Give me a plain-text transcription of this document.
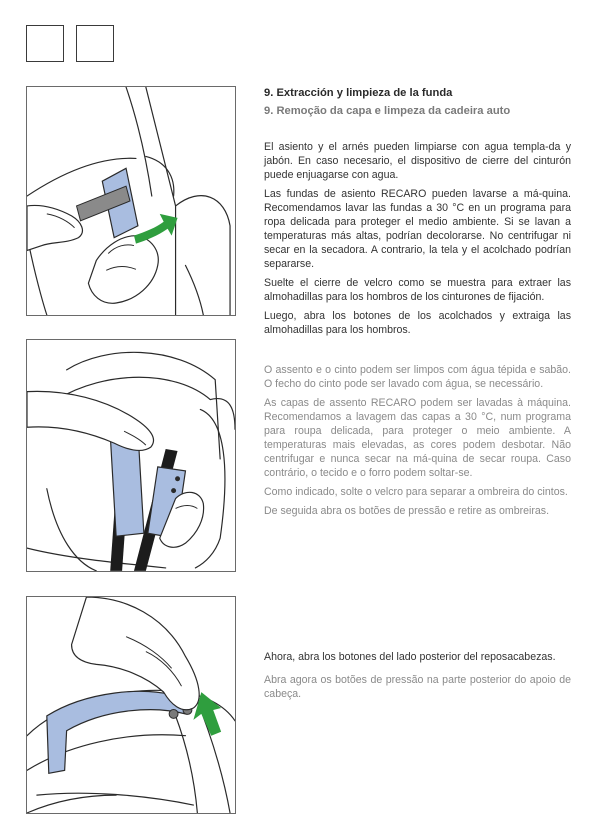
9. Extracción y limpieza de la funda
9. Remoção da capa e limpeza da cadeira auto

El asiento y el arnés pueden limpiarse con agua templa-da y jabón. En caso necesario, el dispositivo de cierre del cinturón puede enjuagarse con agua.

Las fundas de asiento RECARO pueden lavarse a má-quina. Recomendamos lavar las fundas a 30 °C en un programa para ropa delicada para proteger el medio ambiente. Si se lavan a temperaturas más altas, podrían decolorarse. No centrifugar ni secar en la secadora. A contrario, la tela y el acolchado podrían separarse.

Suelte el cierre de velcro como se muestra para extraer las almohadillas para los hombros de los cinturones de fijación.

Luego, abra los botones de los acolchados y extraiga las almohadillas para los hombros.

O assento e o cinto podem ser limpos com água tépida e sabão. O fecho do cinto pode ser lavado com água, se necessário.

As capas de assento RECARO podem ser lavadas à máquina. Recomendamos a lavagem das capas a 30 °C, num programa para roupa delicada, para proteger o meio ambiente. A temperaturas mais elevadas, as cores podem desbotar. Não centrifugar e nunca secar na má-quina de secar roupa. Caso contrário, o tecido e o forro podem soltar-se.

Como indicado, solte o velcro para separar a ombreira do cintos.

De seguida abra os botões de pressão e retire as ombreiras.

Ahora, abra los botones del lado posterior del reposacabezas.

Abra agora os botões de pressão na parte posterior do apoio de cabeça.
